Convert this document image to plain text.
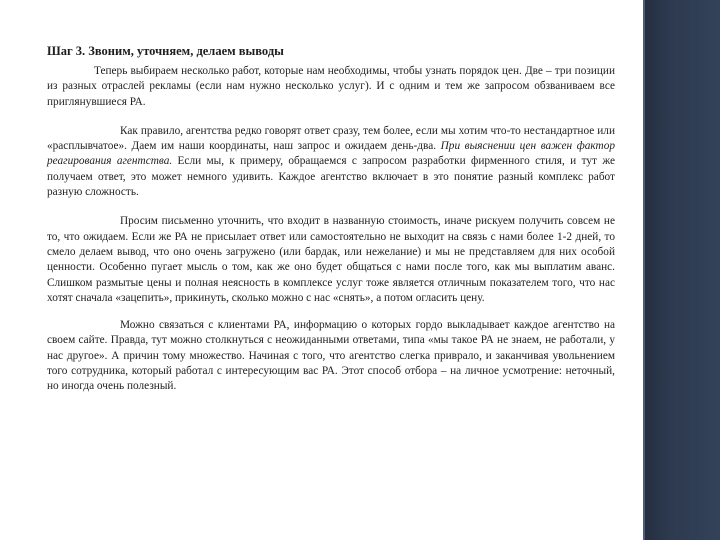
Шаг 3. Звоним, уточняем, делаем выводы

Теперь выбираем несколько работ, которые нам необходимы, чтобы узнать порядок цен. Две – три позиции из разных отраслей рекламы (если нам нужно несколько услуг). И с одним и тем же запросом обзваниваем все приглянувшиеся РА.

Как правило, агентства редко говорят ответ сразу, тем более, если мы хотим что-то нестандартное или «расплывчатое». Даем им наши координаты, наш запрос и ожидаем день-два. При выяснении цен важен фактор реагирования агентства. Если мы, к примеру, обращаемся с запросом разработки фирменного стиля, и тут же получаем ответ, это может немного удивить. Каждое агентство включает в это понятие разный комплекс работ разную сложность.

Просим письменно уточнить, что входит в названную стоимость, иначе рискуем получить совсем не то, что ожидаем. Если же РА не присылает ответ или самостоятельно не выходит на связь с нами более 1-2 дней, то смело делаем вывод, что оно очень загружено (или бардак, или нежелание) и мы не представляем для них особой ценности. Особенно пугает мысль о том, как же оно будет общаться с нами после того, как мы выплатим аванс. Слишком размытые цены и полная неясность в комплексе услуг тоже является отличным показателем того, что нас хотят сначала «зацепить», прикинуть, сколько можно с нас «снять», а потом огласить цену.

Можно связаться с клиентами РА, информацию о которых гордо выкладывает каждое агентство на своем сайте. Правда, тут можно столкнуться с неожиданными ответами, типа «мы такое РА не знаем, не работали, у нас другое». А причин тому множество. Начиная с того, что агентство слегка приврало, и заканчивая увольнением того сотрудника, который работал с интересующим вас РА. Этот способ отбора – на личное усмотрение: неточный, но иногда очень полезный.
